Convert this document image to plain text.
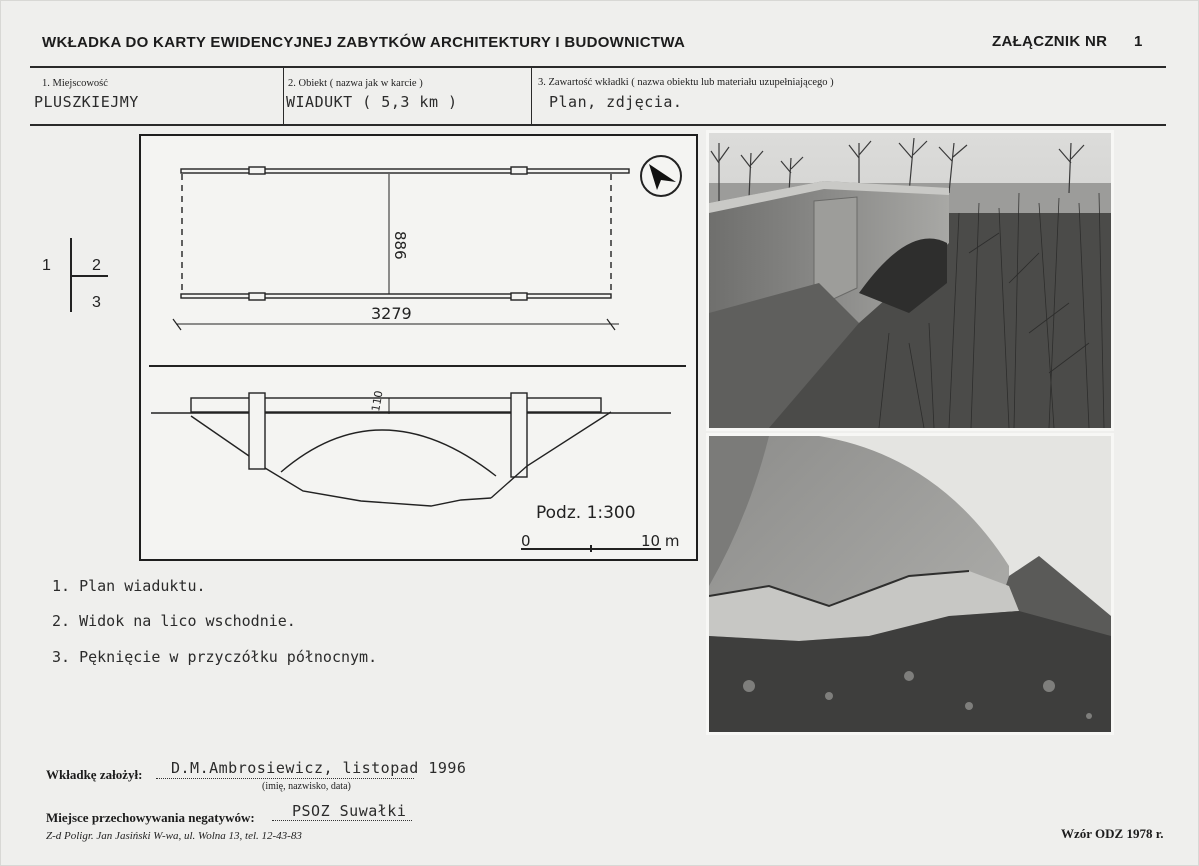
WKŁADKA DO KARTY EWIDENCYJNEJ ZABYTKÓW ARCHITEKTURY I BUDOWNICTWA	ZAŁĄCZNIK NR 1
1. Miejscowość
PLUSZKIEJMY
2. Obiekt ( nazwa jak w karcie )
WIADUKT ( 5,3 km )
3. Zawartość wkładki ( nazwa obiektu lub materiału uzupełniającego )
Plan, zdjęcia.
1	2
3
886
3279
110
Podz. 1:300
0	10 m
1. Plan wiaduktu.
2. Widok na lico wschodnie.
3. Pęknięcie w przyczółku północnym.
Wkładkę założył: D.M.Ambrosiewicz, listopad 1996
(imię, nazwisko, data)
Miejsce przechowywania negatywów: PSOZ Suwałki
Z-d Poligr. Jan Jasiński W-wa, ul. Wolna 13, tel. 12-43-83	Wzór ODZ 1978 r.
